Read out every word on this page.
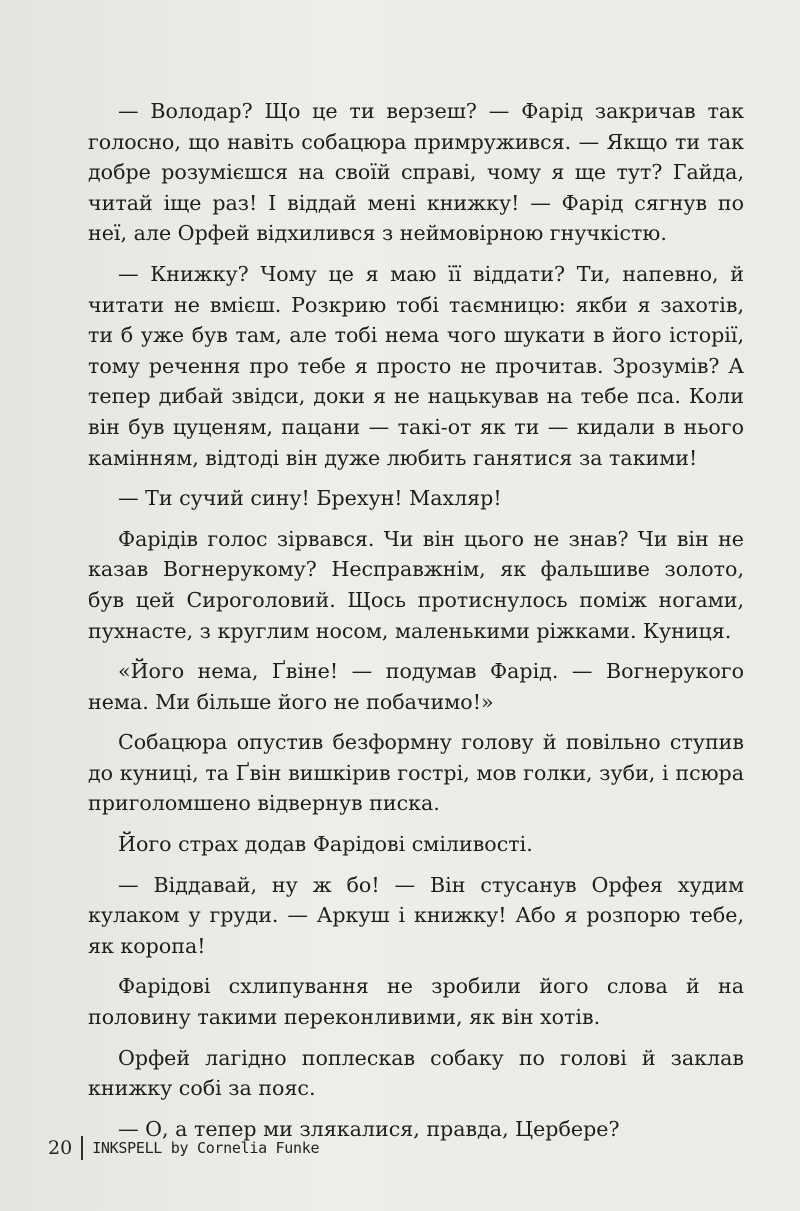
— Володар? Що це ти верзеш? — Фарід закричав так голосно, що навіть собацюра примружився. — Якщо ти так добре розумієшся на своїй справі, чому я ще тут? Гайда, читай іще раз! І віддай мені книжку! — Фарід сягнув по неї, але Орфей відхилився з неймовірною гнучкістю.

— Книжку? Чому це я маю її віддати? Ти, напевно, й читати не вмієш. Розкрию тобі таємницю: якби я захотів, ти б уже був там, але тобі нема чого шукати в його історії, тому речення про тебе я просто не прочитав. Зрозумів? А тепер дибай звідси, доки я не нацькував на тебе пса. Коли він був цуценям, пацани — такі-от як ти — кидали в нього камінням, відтоді він дуже любить ганятися за такими!

— Ти сучий сину! Брехун! Махляр!

Фарідів голос зірвався. Чи він цього не знав? Чи він не казав Вогнерукому? Несправжнім, як фальшиве золото, був цей Сироголовий. Щось протиснулось поміж ногами, пухнасте, з круглим носом, маленькими ріжками. Куниця.

«Його нема, Ґвіне! — подумав Фарід. — Вогнерукого нема. Ми більше його не побачимо!»

Собацюра опустив безформну голову й повільно ступив до куниці, та Ґвін вишкірив гострі, мов голки, зуби, і псюра приголомшено відвернув писка.

Його страх додав Фарідові сміливості.

— Віддавай, ну ж бо! — Він стусанув Орфея худим кулаком у груди. — Аркуш і книжку! Або я розпорю тебе, як коропа!

Фарідові схлипування не зробили його слова й на половину такими переконливими, як він хотів.

Орфей лагідно поплескав собаку по голові й заклав книжку собі за пояс.

— О, а тепер ми злякалися, правда, Цербере?

20 INKSPELL by Cornelia Funke
